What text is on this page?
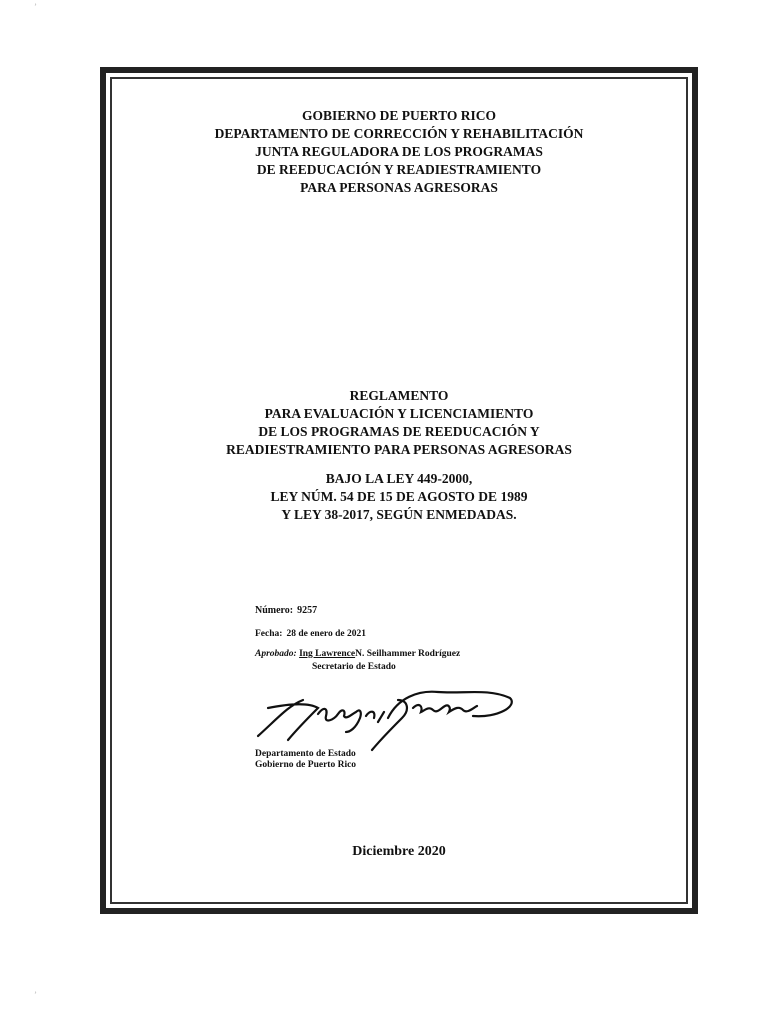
ʼ
ʼ
GOBIERNO DE PUERTO RICO
DEPARTAMENTO DE CORRECCIÓN Y REHABILITACIÓN
JUNTA REGULADORA DE LOS PROGRAMAS
DE REEDUCACIÓN Y READIESTRAMIENTO
PARA PERSONAS AGRESORAS
REGLAMENTO
PARA EVALUACIÓN Y LICENCIAMIENTO
DE LOS PROGRAMAS DE REEDUCACIÓN Y
READIESTRAMIENTO PARA PERSONAS AGRESORAS
BAJO LA LEY 449-2000,
LEY NÚM. 54 DE 15 DE AGOSTO DE 1989
Y LEY 38-2017, SEGÚN ENMEDADAS.
Número: 9257
Fecha: 28 de enero de 2021
Aprobado: Ing LawrenceN. Seilhammer Rodríguez
Secretario de Estado
Departamento de Estado
Gobierno de Puerto Rico
Diciembre 2020
